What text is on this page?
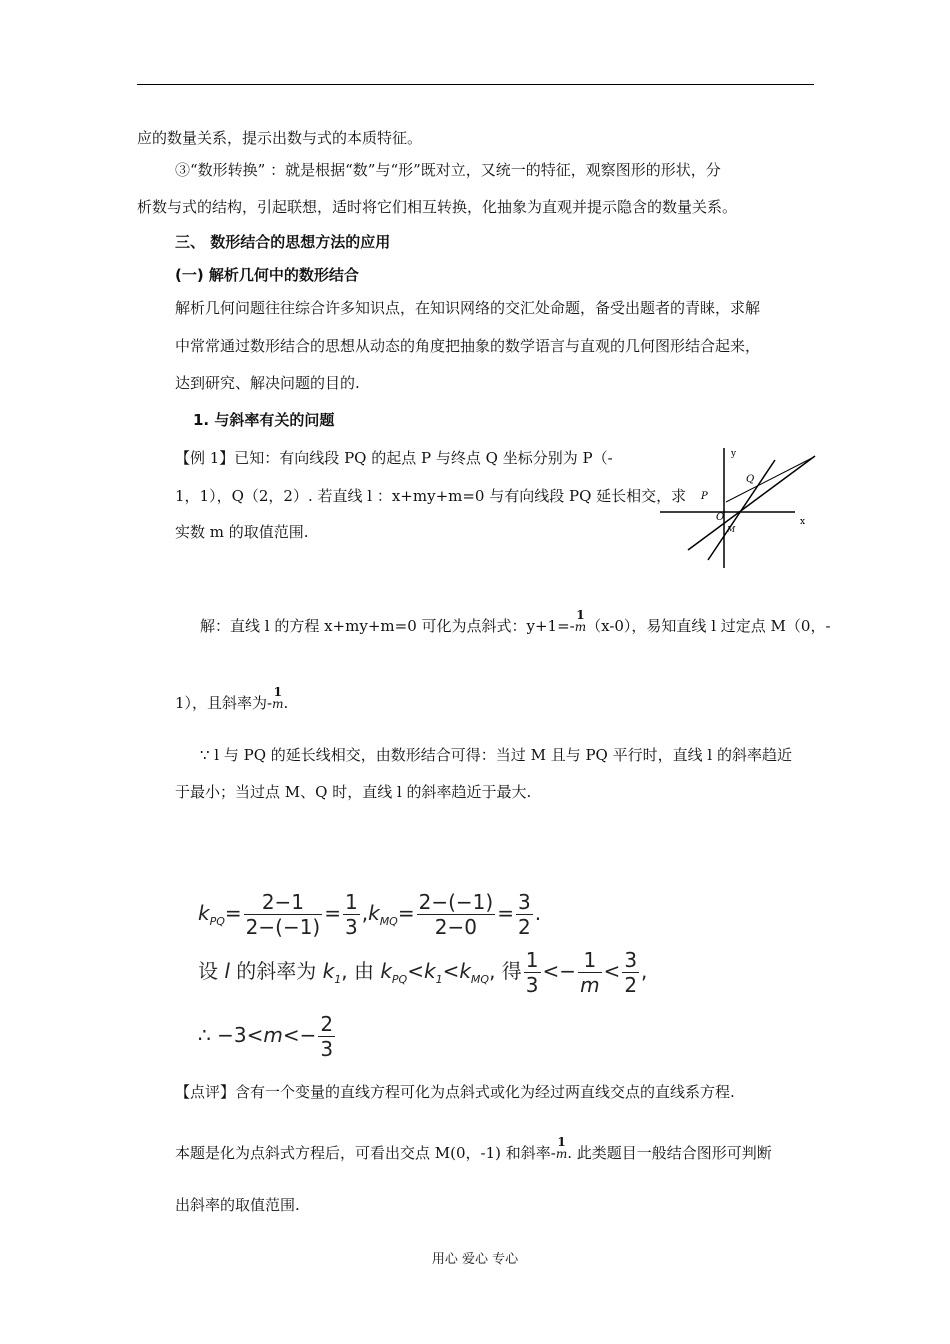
应的数量关系，提示出数与式的本质特征。
③“数形转换” ：就是根据“数”与“形”既对立，又统一的特征，观察图形的形状，分
析数与式的结构，引起联想，适时将它们相互转换，化抽象为直观并提示隐含的数量关系。
三、 数形结合的思想方法的应用
(一) 解析几何中的数形结合
解析几何问题往往综合许多知识点，在知识网络的交汇处命题，备受出题者的青睐，求解
中常常通过数形结合的思想从动态的角度把抽象的数学语言与直观的几何图形结合起来，
达到研究、解决问题的目的.
1. 与斜率有关的问题
【例 1】已知：有向线段 PQ 的起点 P 与终点 Q 坐标分别为 P（-
1，1），Q（2，2）. 若直线 l ：x+my+m=0 与有向线段 PQ 延长相交，求
实数 m 的取值范围.
y
x
P
Q
O
M
解：直线 l 的方程 x+my+m=0 可化为点斜式：y+1=-
1
m （x-0），易知直线 l 过定点 M（0，-
1），且斜率为-
1
m .
∵ l 与 PQ 的延长线相交，由数形结合可得：当过 M 且与 PQ 平行时，直线 l 的斜率趋近
于最小；当过点 M、Q 时，直线 l 的斜率趋近于最大.
$k_{PQ}= \frac{2-1}{2-(-1)} = \frac{1}{3} ,k_{MQ}= \frac{2-(-1)}{2-0} = \frac{3}{2}$ .
设 l 的斜率为 $k_1$, 由 $k_{PQ}<k_1<k_{MQ}$, 得 $\frac{1}{3} <- \frac{1}{m} < \frac{3}{2}$ ,
∴ $-3<m<- \frac{2}{3}$
【点评】含有一个变量的直线方程可化为点斜式或化为经过两直线交点的直线系方程.
本题是化为点斜式方程后，可看出交点 M(0，-1) 和斜率-
1
m . 此类题目一般结合图形可判断
出斜率的取值范围.
用心 爱心 专心
